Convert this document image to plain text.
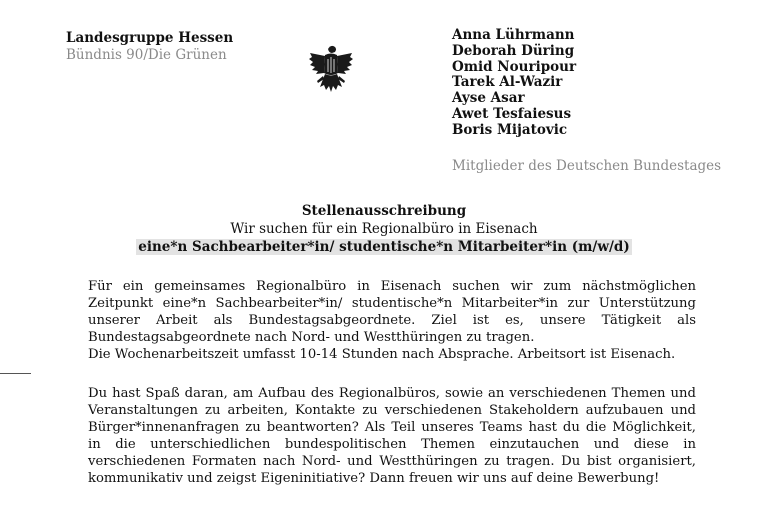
Landesgruppe Hessen
Bündnis 90/Die Grünen
Anna Lührmann
Deborah Düring
Omid Nouripour
Tarek Al-Wazir
Ayse Asar
Awet Tesfaiesus
Boris Mijatovic
Mitglieder des Deutschen Bundestages
Stellenausschreibung
Wir suchen für ein Regionalbüro in Eisenach
eine*n Sachbearbeiter*in/ studentische*n Mitarbeiter*in (m/w/d)
Für ein gemeinsames Regionalbüro in Eisenach suchen wir zum nächstmöglichen
Zeitpunkt eine*n Sachbearbeiter*in/ studentische*n Mitarbeiter*in zur Unterstützung
unserer Arbeit als Bundestagsabgeordnete. Ziel ist es, unsere Tätigkeit als
Bundestagsabgeordnete nach Nord- und Westthüringen zu tragen.
Die Wochenarbeitszeit umfasst 10-14 Stunden nach Absprache. Arbeitsort ist Eisenach.
Du hast Spaß daran, am Aufbau des Regionalbüros, sowie an verschiedenen Themen und
Veranstaltungen zu arbeiten, Kontakte zu verschiedenen Stakeholdern aufzubauen und
Bürger*innenanfragen zu beantworten? Als Teil unseres Teams hast du die Möglichkeit,
in die unterschiedlichen bundespolitischen Themen einzutauchen und diese in
verschiedenen Formaten nach Nord- und Westthüringen zu tragen. Du bist organisiert,
kommunikativ und zeigst Eigeninitiative? Dann freuen wir uns auf deine Bewerbung!
